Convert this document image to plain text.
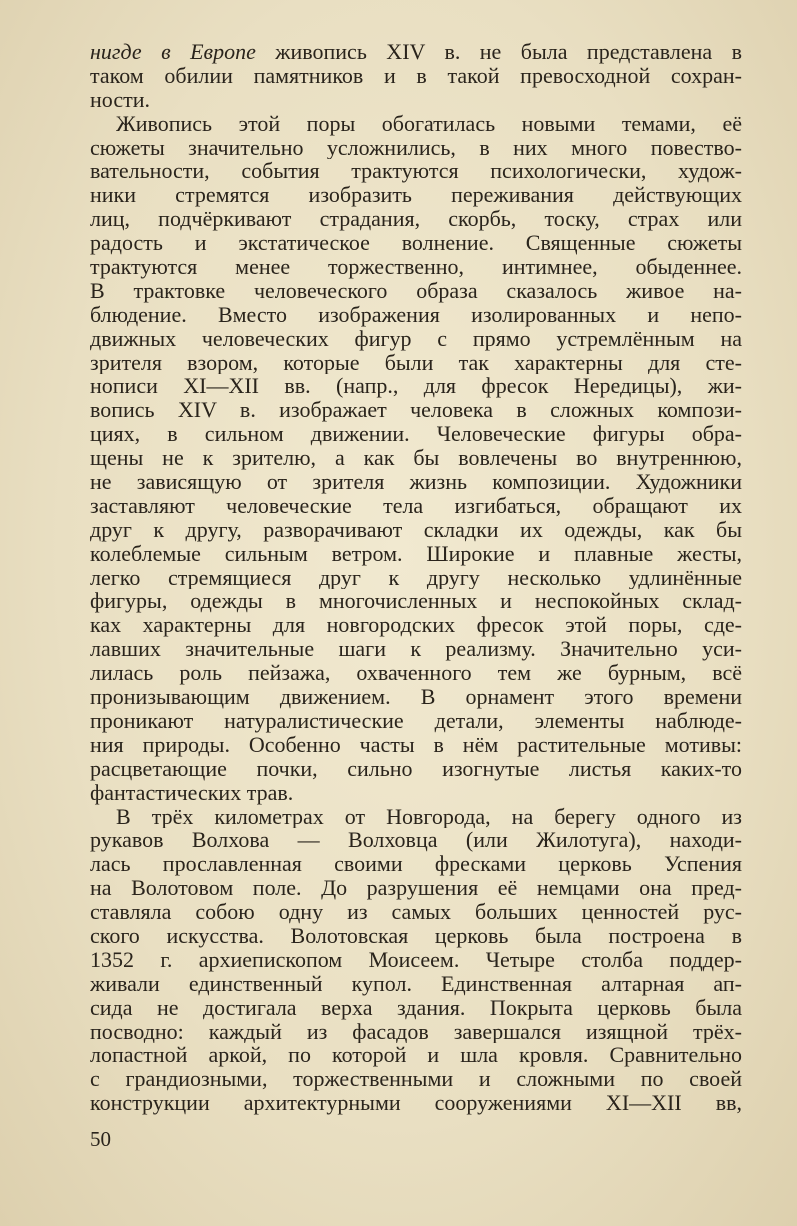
нигде в Европе живопись XIV в. не была представлена в
таком обилии памятников и в такой превосходной сохран-
ности.
Живопись этой поры обогатилась новыми темами, её
сюжеты значительно усложнились, в них много повество-
вательности, события трактуются психологически, худож-
ники стремятся изобразить переживания действующих
лиц, подчёркивают страдания, скорбь, тоску, страх или
радость и экстатическое волнение. Священные сюжеты
трактуются менее торжественно, интимнее, обыденнее.
В трактовке человеческого образа сказалось живое на-
блюдение. Вместо изображения изолированных и непо-
движных человеческих фигур с прямо устремлённым на
зрителя взором, которые были так характерны для сте-
нописи XI—XII вв. (напр., для фресок Нередицы), жи-
вопись XIV в. изображает человека в сложных компози-
циях, в сильном движении. Человеческие фигуры обра-
щены не к зрителю, а как бы вовлечены во внутреннюю,
не зависящую от зрителя жизнь композиции. Художники
заставляют человеческие тела изгибаться, обращают их
друг к другу, разворачивают складки их одежды, как бы
колеблемые сильным ветром. Широкие и плавные жесты,
легко стремящиеся друг к другу несколько удлинённые
фигуры, одежды в многочисленных и неспокойных склад-
ках характерны для новгородских фресок этой поры, сде-
лавших значительные шаги к реализму. Значительно уси-
лилась роль пейзажа, охваченного тем же бурным, всё
пронизывающим движением. В орнамент этого времени
проникают натуралистические детали, элементы наблюде-
ния природы. Особенно часты в нём растительные мотивы:
расцветающие почки, сильно изогнутые листья каких-то
фантастических трав.
В трёх километрах от Новгорода, на берегу одного из
рукавов Волхова — Волховца (или Жилотуга), находи-
лась прославленная своими фресками церковь Успения
на Волотовом поле. До разрушения её немцами она пред-
ставляла собою одну из самых больших ценностей рус-
ского искусства. Волотовская церковь была построена в
1352 г. архиепископом Моисеем. Четыре столба поддер-
живали единственный купол. Единственная алтарная ап-
сида не достигала верха здания. Покрыта церковь была
посводно: каждый из фасадов завершался изящной трёх-
лопастной аркой, по которой и шла кровля. Сравнительно
с грандиозными, торжественными и сложными по своей
конструкции архитектурными сооружениями XI—XII вв,
50
